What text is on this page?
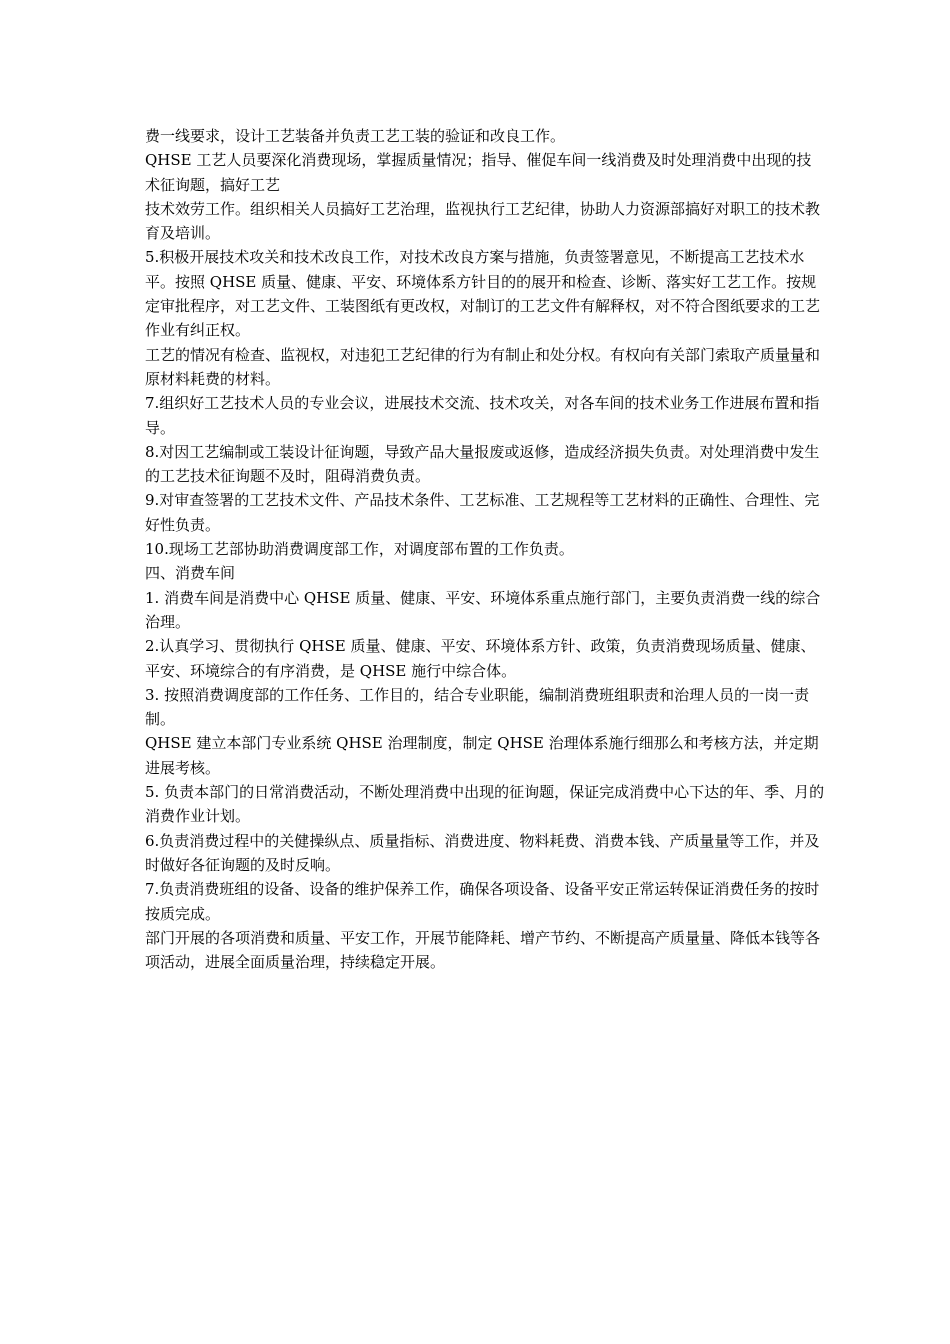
费一线要求，设计工艺装备并负责工艺工装的验证和改良工作。

QHSE 工艺人员要深化消费现场，掌握质量情况；指导、催促车间一线消费及时处理消费中出现的技术征询题，搞好工艺

技术效劳工作。组织相关人员搞好工艺治理，监视执行工艺纪律，协助人力资源部搞好对职工的技术教育及培训。

5.积极开展技术攻关和技术改良工作，对技术改良方案与措施，负责签署意见，不断提高工艺技术水平。按照 QHSE 质量、健康、平安、环境体系方针目的的展开和检查、诊断、落实好工艺工作。按规定审批程序，对工艺文件、工装图纸有更改权，对制订的工艺文件有解释权，对不符合图纸要求的工艺作业有纠正权。

工艺的情况有检查、监视权，对违犯工艺纪律的行为有制止和处分权。有权向有关部门索取产质量量和原材料耗费的材料。

7.组织好工艺技术人员的专业会议，进展技术交流、技术攻关，对各车间的技术业务工作进展布置和指导。

8.对因工艺编制或工装设计征询题，导致产品大量报废或返修，造成经济损失负责。对处理消费中发生的工艺技术征询题不及时，阻碍消费负责。

9.对审查签署的工艺技术文件、产品技术条件、工艺标准、工艺规程等工艺材料的正确性、合理性、完好性负责。

10.现场工艺部协助消费调度部工作，对调度部布置的工作负责。

四、消费车间

1. 消费车间是消费中心 QHSE 质量、健康、平安、环境体系重点施行部门，主要负责消费一线的综合治理。

2.认真学习、贯彻执行 QHSE 质量、健康、平安、环境体系方针、政策，负责消费现场质量、健康、平安、环境综合的有序消费，是 QHSE 施行中综合体。

3. 按照消费调度部的工作任务、工作目的，结合专业职能，编制消费班组职责和治理人员的一岗一责制。

QHSE 建立本部门专业系统 QHSE 治理制度，制定 QHSE 治理体系施行细那么和考核方法，并定期进展考核。

5. 负责本部门的日常消费活动，不断处理消费中出现的征询题，保证完成消费中心下达的年、季、月的消费作业计划。

6.负责消费过程中的关健操纵点、质量指标、消费进度、物料耗费、消费本钱、产质量量等工作，并及时做好各征询题的及时反响。

7.负责消费班组的设备、设备的维护保养工作，确保各项设备、设备平安正常运转保证消费任务的按时按质完成。

部门开展的各项消费和质量、平安工作，开展节能降耗、增产节约、不断提高产质量量、降低本钱等各项活动，进展全面质量治理，持续稳定开展。
